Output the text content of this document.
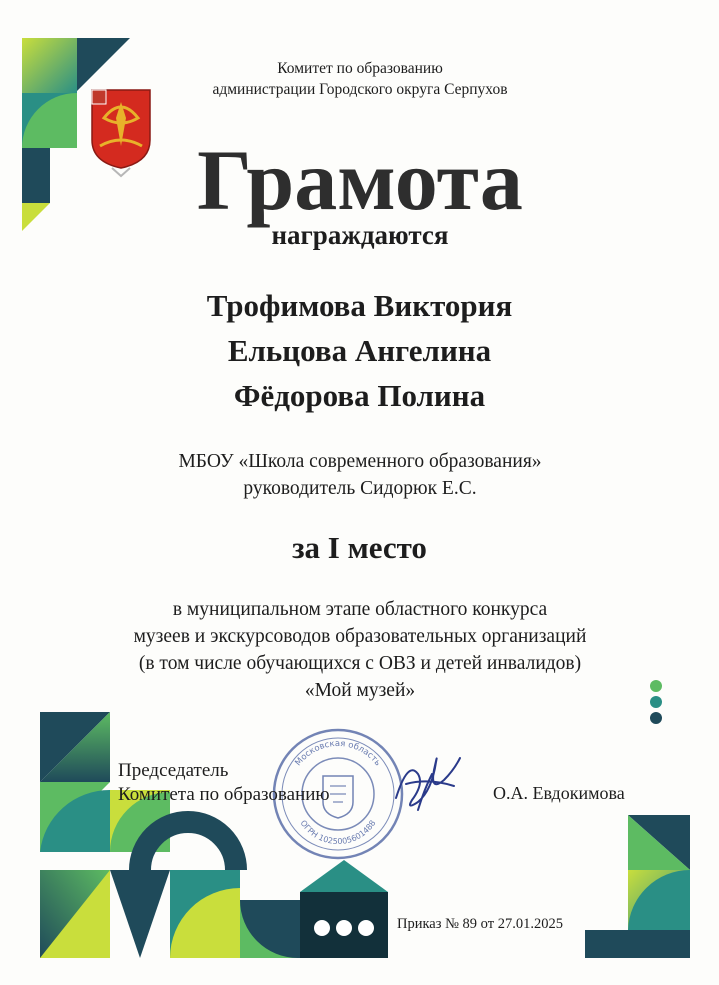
Комитет по образованию
администрации Городского округа Серпухов

Грамота

награждаются

Трофимова Виктория
Ельцова Ангелина
Фёдорова Полина

МБОУ «Школа современного образования»
руководитель Сидорюк Е.С.

за I место

в муниципальном этапе областного конкурса
музеев и экскурсоводов образовательных организаций
(в том числе обучающихся с ОВЗ и детей инвалидов)
«Мой музей»

Московская область
ОГРН 1025005601488

Председатель
Комитета по образованию	О.А. Евдокимова

Приказ № 89 от 27.01.2025
